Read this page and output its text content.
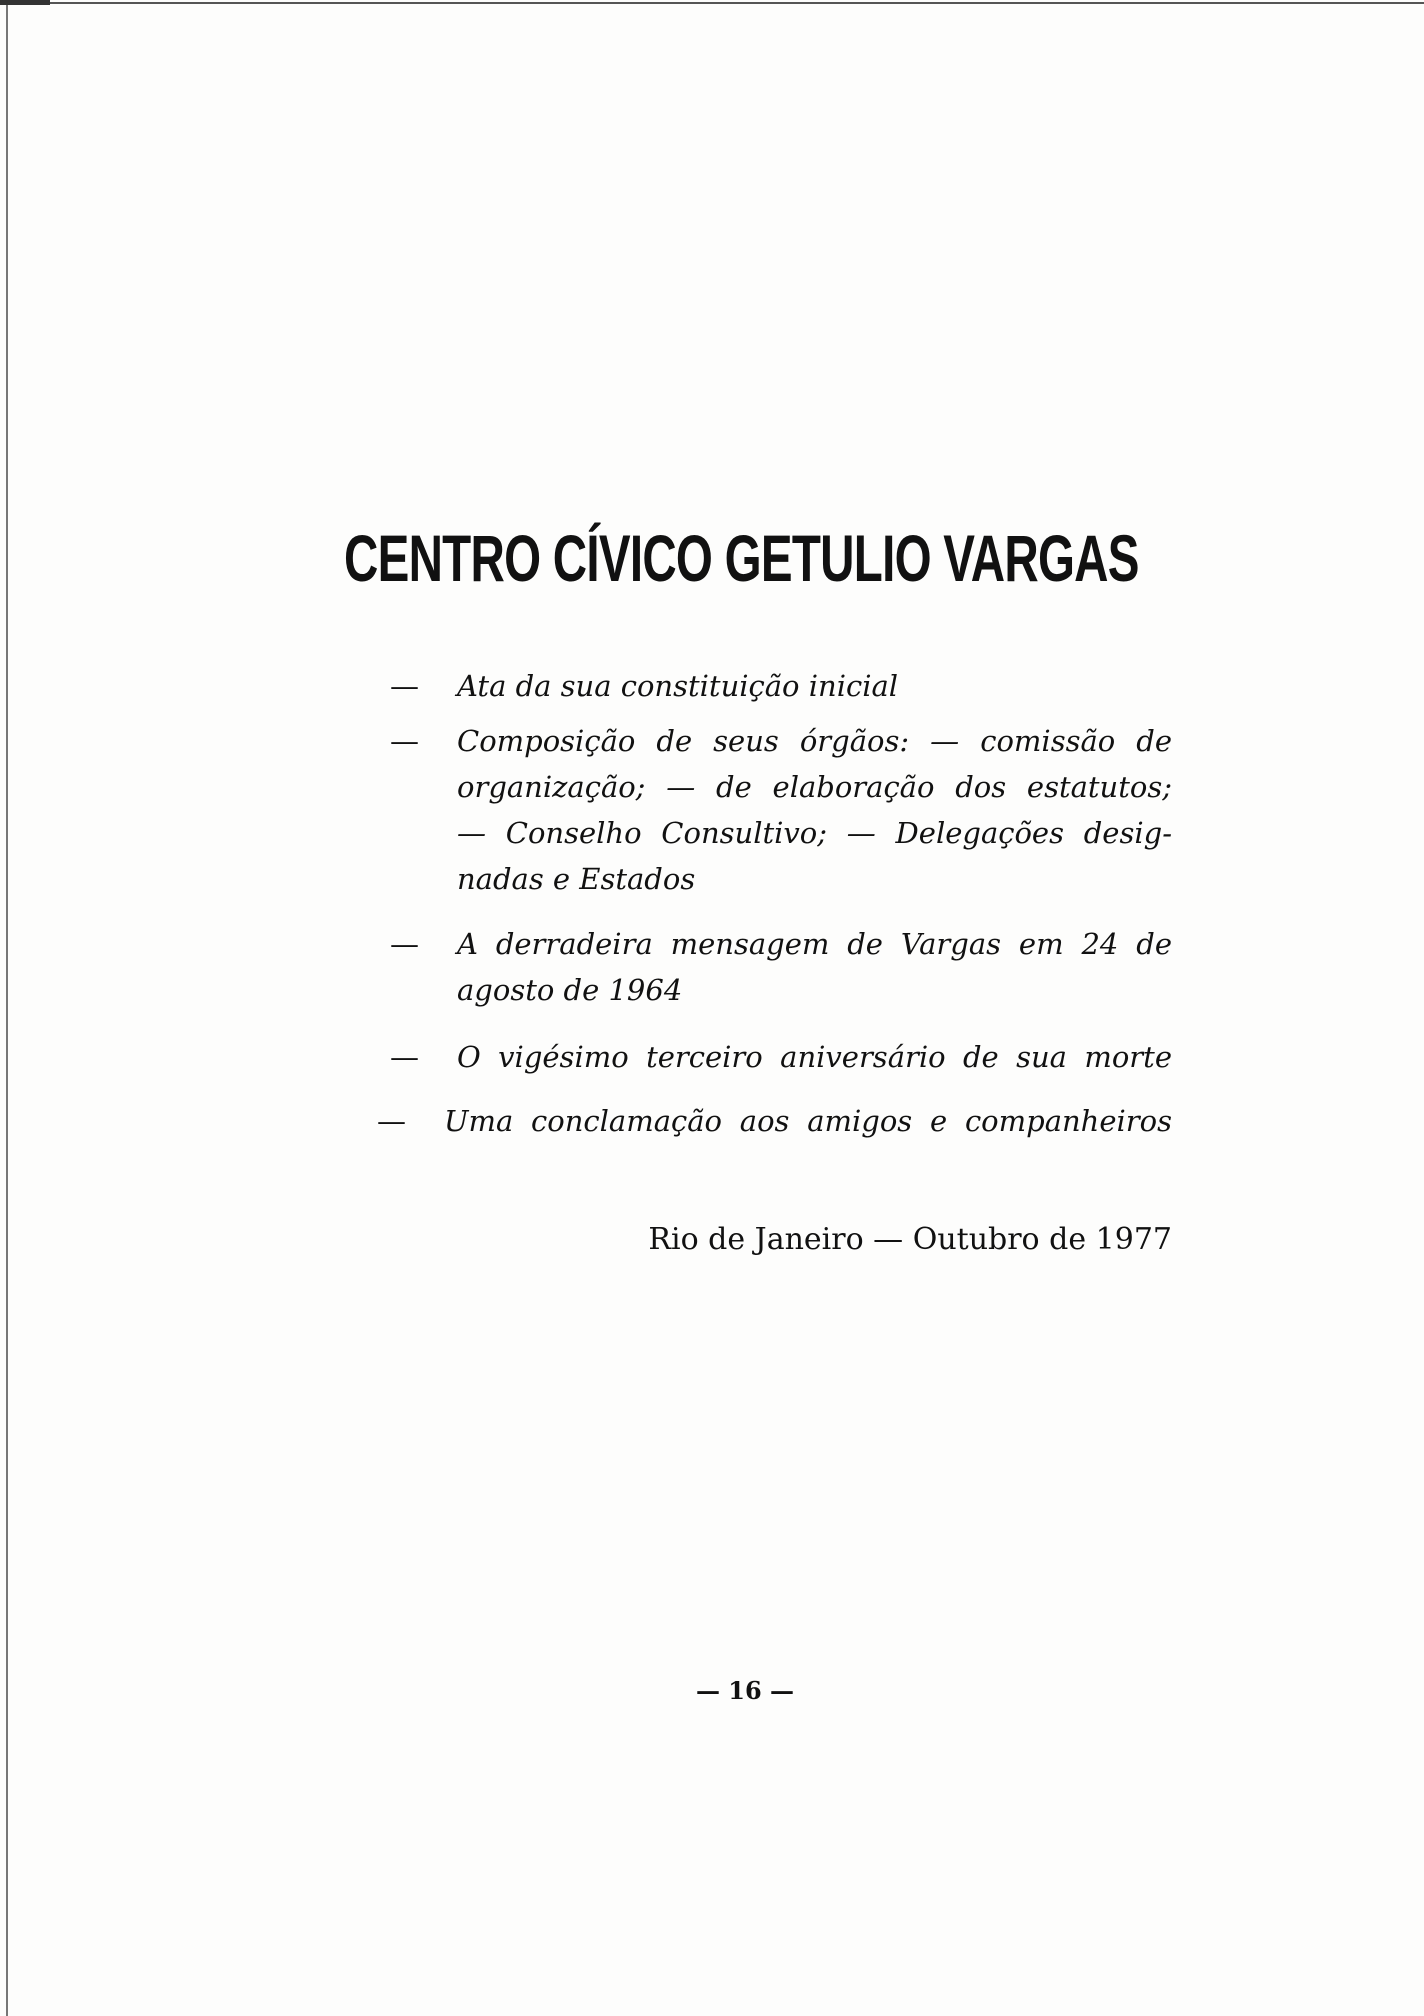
CENTRO CÍVICO GETULIO VARGAS
— Ata da sua constituição inicial
— Composição de seus órgãos: — comissão de
organização; — de elaboração dos estatutos;
— Conselho Consultivo; — Delegações desig-
nadas e Estados
— A derradeira mensagem de Vargas em 24 de
agosto de 1964
— O vigésimo terceiro aniversário de sua morte
— Uma conclamação aos amigos e companheiros
Rio de Janeiro — Outubro de 1977
— 16 —
